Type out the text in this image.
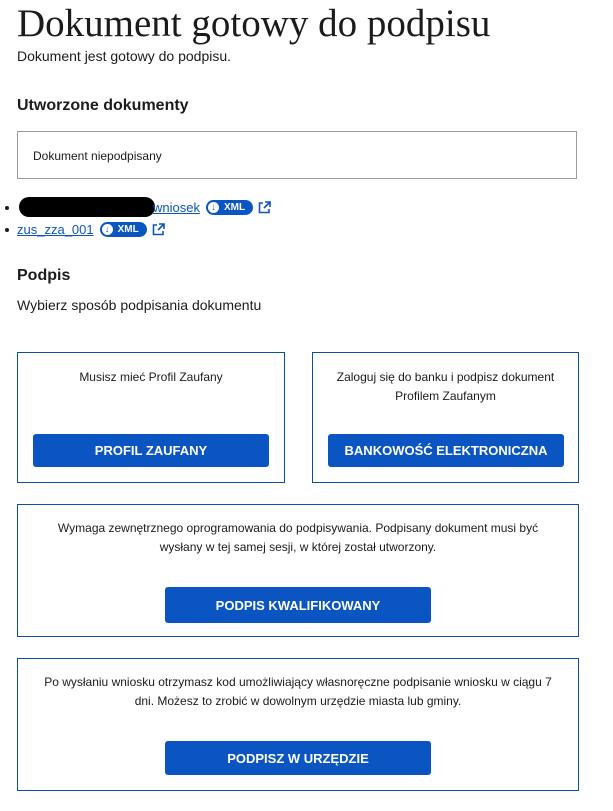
Dokument gotowy do podpisu
Dokument jest gotowy do podpisu.
Utworzone dokumenty
Dokument niepodpisany
wniosek	↓ XML
zus_zza_001	↓ XML
Podpis
Wybierz sposób podpisania dokumentu
Musisz mieć Profil Zaufany
PROFIL ZAUFANY
Zaloguj się do banku i podpisz dokument Profilem Zaufanym
BANKOWOŚĆ ELEKTRONICZNA
Wymaga zewnętrznego oprogramowania do podpisywania. Podpisany dokument musi być wysłany w tej samej sesji, w której został utworzony.
PODPIS KWALIFIKOWANY
Po wysłaniu wniosku otrzymasz kod umożliwiający własnoręczne podpisanie wniosku w ciągu 7 dni. Możesz to zrobić w dowolnym urzędzie miasta lub gminy.
PODPISZ W URZĘDZIE
